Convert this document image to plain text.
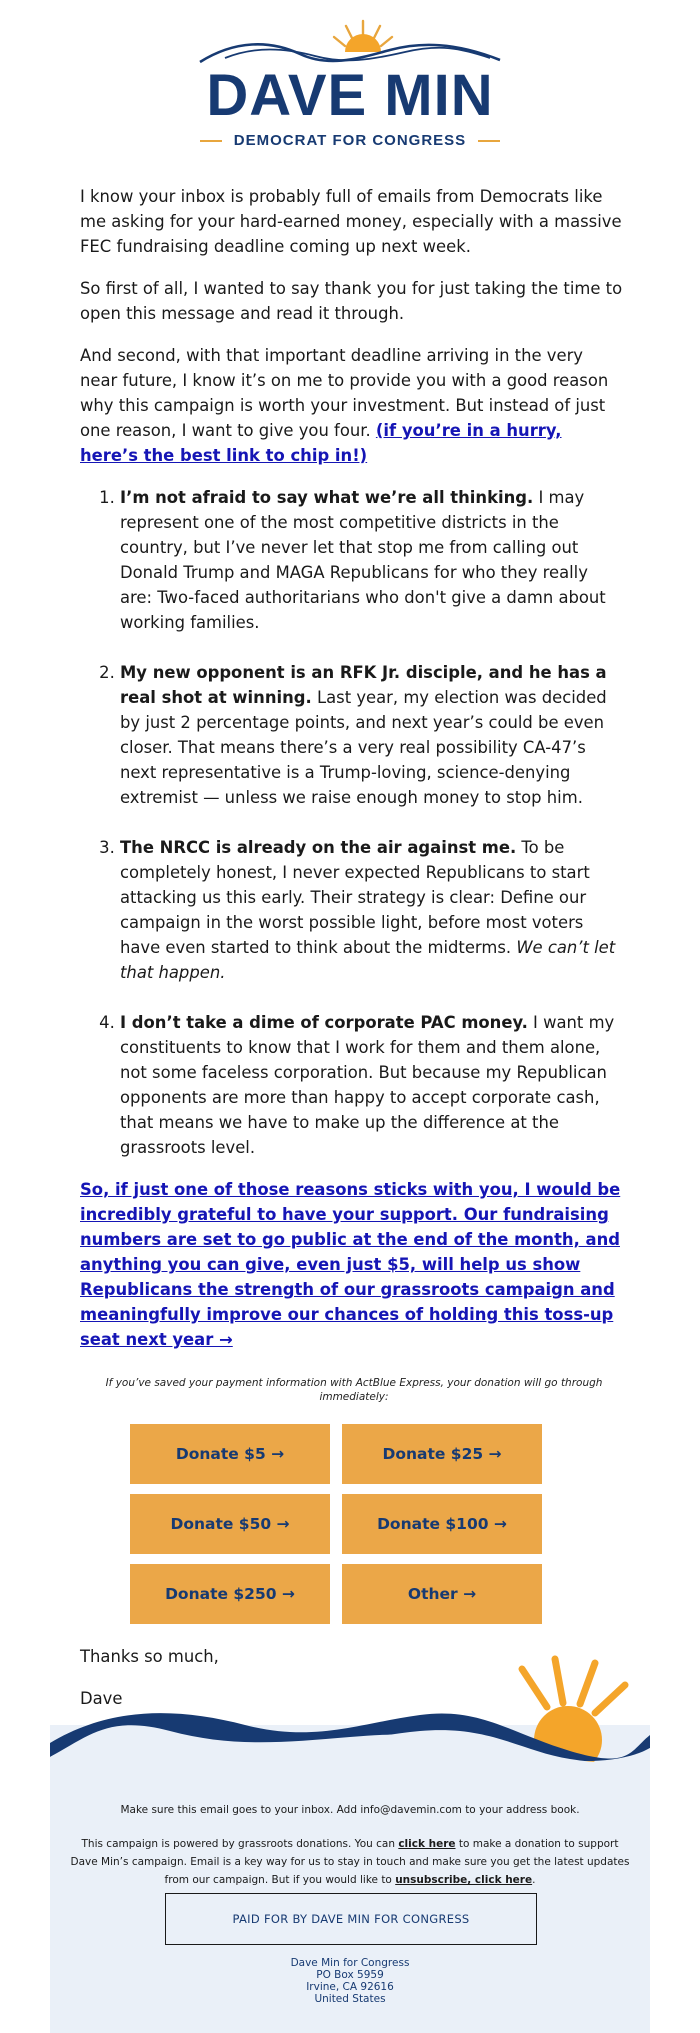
DAVE MIN
DEMOCRAT FOR CONGRESS

I know your inbox is probably full of emails from Democrats like me asking for your hard-earned money, especially with a massive FEC fundraising deadline coming up next week.

So first of all, I wanted to say thank you for just taking the time to open this message and read it through.

And second, with that important deadline arriving in the very near future, I know it’s on me to provide you with a good reason why this campaign is worth your investment. But instead of just one reason, I want to give you four. (if you’re in a hurry, here’s the best link to chip in!)

1. I’m not afraid to say what we’re all thinking. I may represent one of the most competitive districts in the country, but I’ve never let that stop me from calling out Donald Trump and MAGA Republicans for who they really are: Two-faced authoritarians who don't give a damn about working families.
2. My new opponent is an RFK Jr. disciple, and he has a real shot at winning. Last year, my election was decided by just 2 percentage points, and next year’s could be even closer. That means there’s a very real possibility CA-47’s next representative is a Trump-loving, science-denying extremist — unless we raise enough money to stop him.
3. The NRCC is already on the air against me. To be completely honest, I never expected Republicans to start attacking us this early. Their strategy is clear: Define our campaign in the worst possible light, before most voters have even started to think about the midterms. We can’t let that happen.
4. I don’t take a dime of corporate PAC money. I want my constituents to know that I work for them and them alone, not some faceless corporation. But because my Republican opponents are more than happy to accept corporate cash, that means we have to make up the difference at the grassroots level.

So, if just one of those reasons sticks with you, I would be incredibly grateful to have your support. Our fundraising numbers are set to go public at the end of the month, and anything you can give, even just $5, will help us show Republicans the strength of our grassroots campaign and meaningfully improve our chances of holding this toss-up seat next year →

If you’ve saved your payment information with ActBlue Express, your donation will go through immediately:

Donate $5 →	Donate $25 →
Donate $50 →	Donate $100 →
Donate $250 →	Other →

Thanks so much,

Dave

Make sure this email goes to your inbox. Add info@davemin.com to your address book.
This campaign is powered by grassroots donations. You can click here to make a donation to support Dave Min’s campaign. Email is a key way for us to stay in touch and make sure you get the latest updates from our campaign. But if you would like to unsubscribe, click here.
PAID FOR BY DAVE MIN FOR CONGRESS
Dave Min for Congress
PO Box 5959
Irvine, CA 92616
United States
